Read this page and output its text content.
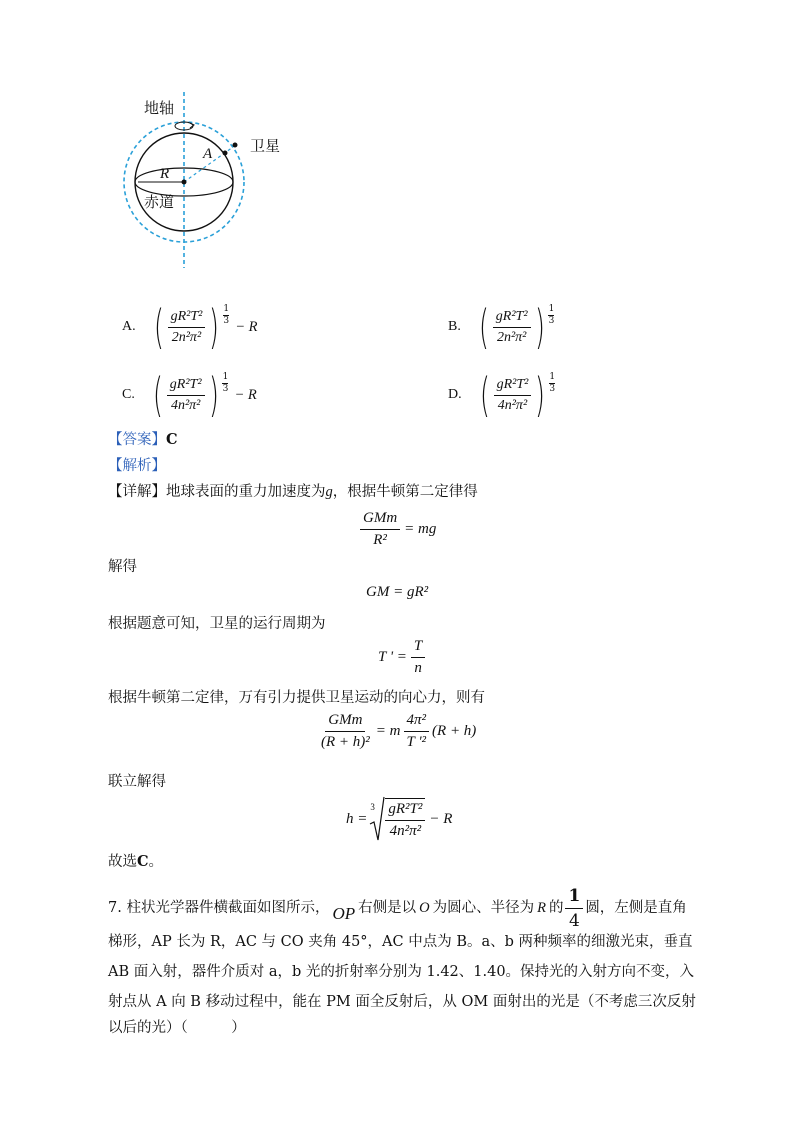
地轴
卫星
A
R
赤道
A. ( $\frac{\text{gR²T²}}{\text{2n²π²}}$ ) 1
3 − R	B. ( $\frac{\text{gR²T²}}{\text{2n²π²}}$ ) 1
3
C. ( $\frac{\text{gR²T²}}{\text{4n²π²}}$ ) 1
3 − R	D. ( $\frac{\text{gR²T²}}{\text{4n²π²}}$ ) 1
3
【答案】C
【解析】
【详解】地球表面的重力加速度为g，根据牛顿第二定律得
$\frac{\text{GMm}}{\text{R²}}$ = mg
解得
GM = gR²
根据题意可知，卫星的运行周期为
T ' = $\frac{T}{n}$
根据牛顿第二定律，万有引力提供卫星运动的向心力，则有
$\frac{\text{GMm}}{\text{(R + h)²}} = m \frac{\text{4π²}}{\text{T '²}} (R + h)$
联立解得
h =
$3 \frac{\text{gR²T²}}{\text{4n²π²}} - R$
故选C。
7. 柱状光学器件横截面如图所示， OP 右侧是以 O 为圆心、半径为 R 的 $\frac{1}{4}$ 圆，左侧是直角
梯形，AP 长为 R，AC 与 CO 夹角 45°，AC 中点为 B。a、b 两种频率的细激光束，垂直
AB 面入射，器件介质对 a，b 光的折射率分别为 1.42、1.40。保持光的入射方向不变，入
射点从 A 向 B 移动过程中，能在 PM 面全反射后，从 OM 面射出的光是（不考虑三次反射
以后的光）（　　　）
